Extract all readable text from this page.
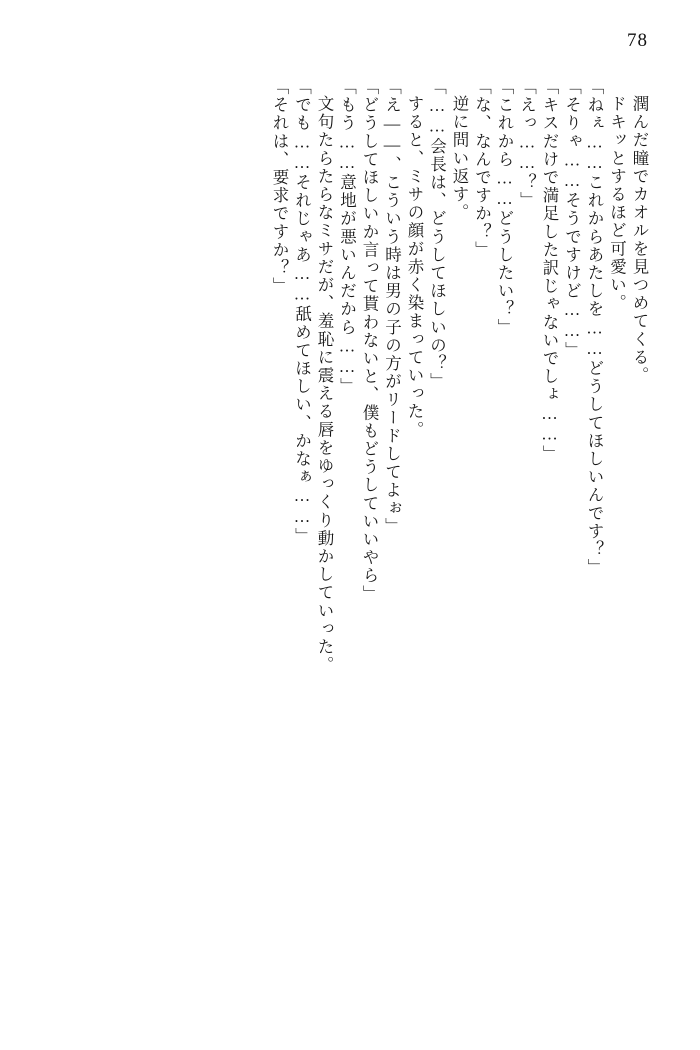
78
潤んだ瞳でカオルを見つめてくる。
ドキッとするほど可愛い。
「ねぇ……これからあたしを……どうしてほしいんです？」
「そりゃ……そうですけど……」
「キスだけで満足した訳じゃないでしょ……」
「えっ……？」
「これから……どうしたい？」
「な、なんですか？」
逆に問い返す。
「……会長は、どうしてほしいの？」
すると、ミサの顔が赤く染まっていった。
「え――、こういう時は男の子の方がリードしてよぉ」
「どうしてほしいか言って貰わないと、僕もどうしていいやら」
「もう……意地が悪いんだから……」
文句たらたらなミサだが、羞恥に震える唇をゆっくり動かしていった。
「でも……それじゃあ……舐めてほしい、かなぁ……」
「それは、要求ですか？」
